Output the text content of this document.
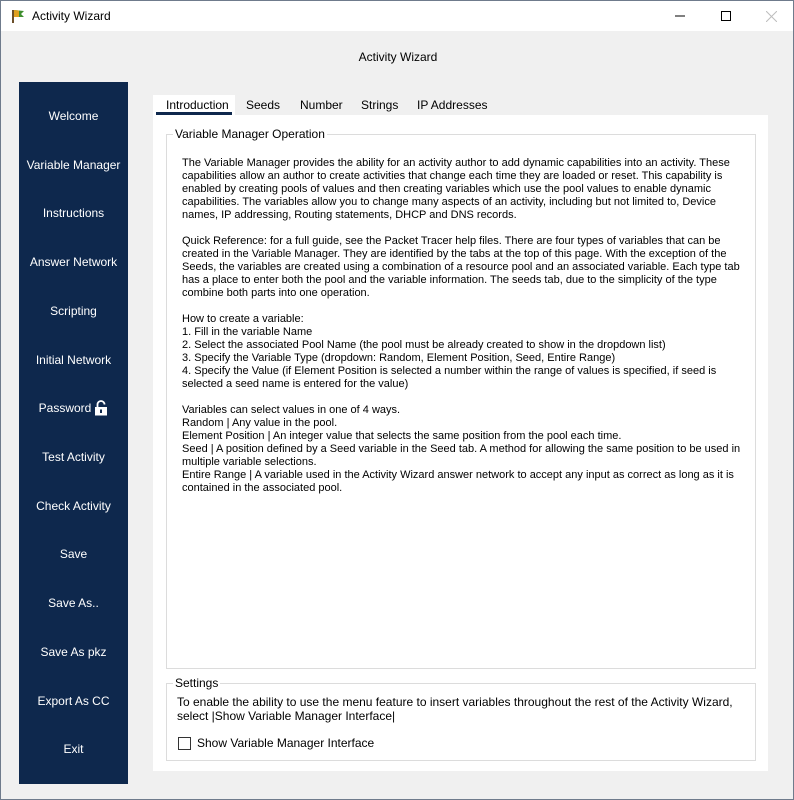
Activity Wizard
Activity Wizard
Welcome
Variable Manager
Instructions
Answer Network
Scripting
Initial Network
Password
Test Activity
Check Activity
Save
Save As..
Save As pkz
Export As CC
Exit
Introduction Seeds Number Strings IP Addresses
Variable Manager Operation
The Variable Manager provides the ability for an activity author to add dynamic capabilities into an activity. These capabilities allow an author to create activities that change each time they are loaded or reset. This capability is enabled by creating pools of values and then creating variables which use the pool values to enable dynamic capabilities. The variables allow you to change many aspects of an activity, including but not limited to, Device names, IP addressing, Routing statements, DHCP and DNS records.

Quick Reference: for a full guide, see the Packet Tracer help files. There are four types of variables that can be created in the Variable Manager. They are identified by the tabs at the top of this page. With the exception of the Seeds, the variables are created using a combination of a resource pool and an associated variable. Each type tab has a place to enter both the pool and the variable information. The seeds tab, due to the simplicity of the type combine both parts into one operation.

How to create a variable:
1. Fill in the variable Name
2. Select the associated Pool Name (the pool must be already created to show in the dropdown list)
3. Specify the Variable Type (dropdown: Random, Element Position, Seed, Entire Range)
4. Specify the Value (if Element Position is selected a number within the range of values is specified, if seed is selected a seed name is entered for the value)

Variables can select values in one of 4 ways.
Random | Any value in the pool.
Element Position | An integer value that selects the same position from the pool each time.
Seed | A position defined by a Seed variable in the Seed tab. A method for allowing the same position to be used in multiple variable selections.
Entire Range | A variable used in the Activity Wizard answer network to accept any input as correct as long as it is contained in the associated pool.
Settings
To enable the ability to use the menu feature to insert variables throughout the rest of the Activity Wizard, select |Show Variable Manager Interface|
Show Variable Manager Interface
